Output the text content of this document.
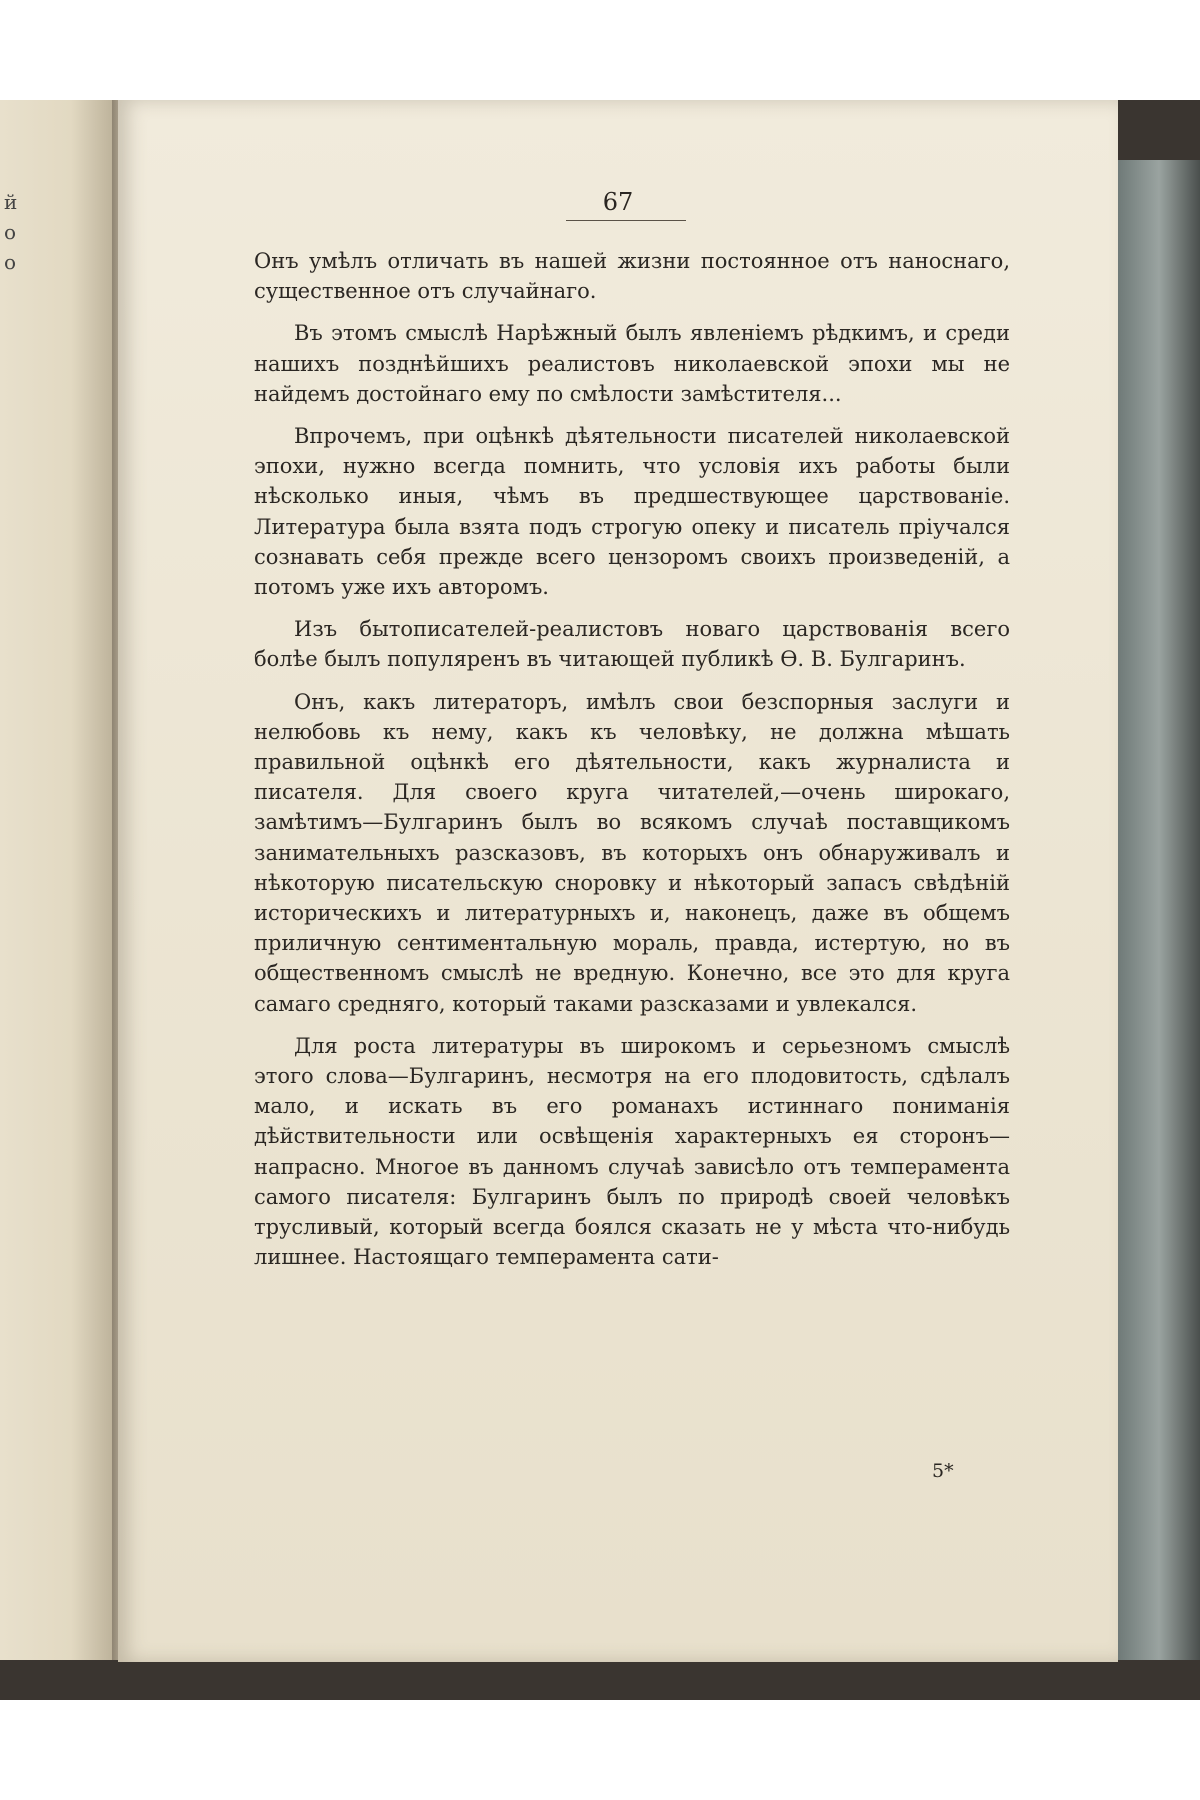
й
о
о
67

Онъ умѣлъ отличать въ нашей жизни постоянное отъ наноснаго, существенное отъ случайнаго.

Въ этомъ смыслѣ Нарѣжный былъ явленіемъ рѣдкимъ, и среди нашихъ позднѣйшихъ реалистовъ николаевской эпохи мы не найдемъ достойнаго ему по смѣлости замѣстителя...

Впрочемъ, при оцѣнкѣ дѣятельности писателей николаевской эпохи, нужно всегда помнить, что условія ихъ работы были нѣсколько иныя, чѣмъ въ предшествующее царствованіе. Литература была взята подъ строгую опеку и писатель пріучался сознавать себя прежде всего цензоромъ своихъ произведеній, а потомъ уже ихъ авторомъ.

Изъ бытописателей-реалистовъ новаго царствованія всего болѣе былъ популяренъ въ читающей публикѣ Ѳ. В. Булгаринъ.

Онъ, какъ литераторъ, имѣлъ свои безспорныя заслуги и нелюбовь къ нему, какъ къ человѣку, не должна мѣшать правильной оцѣнкѣ его дѣятельности, какъ журналиста и писателя. Для своего круга читателей,—очень широкаго, замѣтимъ—Булгаринъ былъ во всякомъ случаѣ поставщикомъ занимательныхъ разсказовъ, въ которыхъ онъ обнаруживалъ и нѣкоторую писательскую сноровку и нѣкоторый запасъ свѣдѣній историческихъ и литературныхъ и, наконецъ, даже въ общемъ приличную сентиментальную мораль, правда, истертую, но въ общественномъ смыслѣ не вредную. Конечно, все это для круга самаго средняго, который таками разсказами и увлекался.

Для роста литературы въ широкомъ и серьезномъ смыслѣ этого слова—Булгаринъ, несмотря на его плодовитость, сдѣлалъ мало, и искать въ его романахъ истиннаго пониманія дѣйствительности или освѣщенія характерныхъ ея сторонъ—напрасно. Многое въ данномъ случаѣ зависѣло отъ темперамента самого писателя: Булгаринъ былъ по природѣ своей человѣкъ трусливый, который всегда боялся сказать не у мѣста что-нибудь лишнее. Настоящаго темперамента сати-

5*
